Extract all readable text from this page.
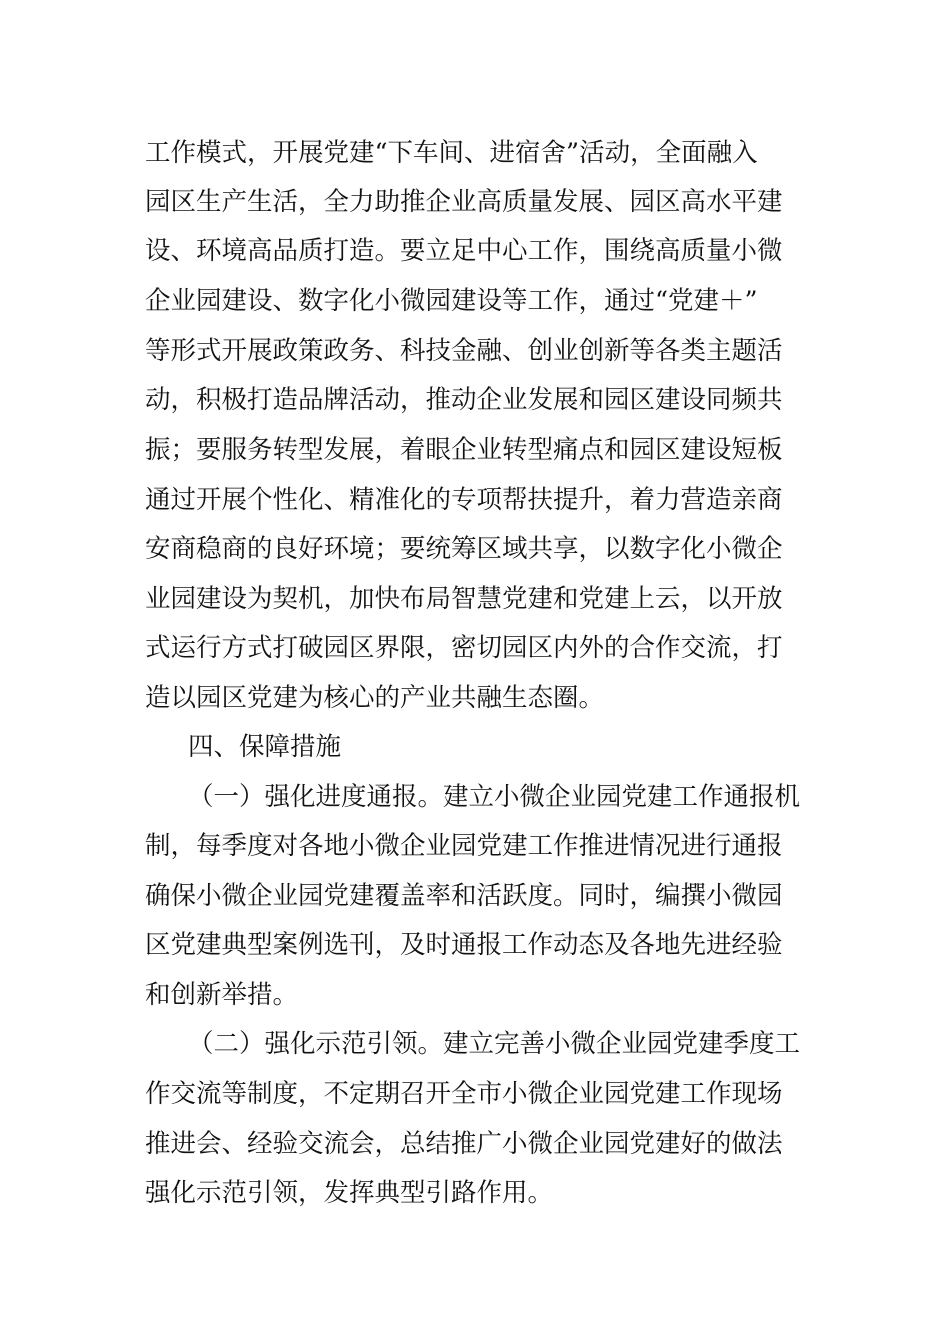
工作模式，开展党建“下车间、进宿舍”活动，全面融入
园区生产生活，全力助推企业高质量发展、园区高水平建
设、环境高品质打造。要立足中心工作，围绕高质量小微
企业园建设、数字化小微园建设等工作，通过“党建＋”
等形式开展政策政务、科技金融、创业创新等各类主题活
动，积极打造品牌活动，推动企业发展和园区建设同频共
振；要服务转型发展，着眼企业转型痛点和园区建设短板
通过开展个性化、精准化的专项帮扶提升，着力营造亲商
安商稳商的良好环境；要统筹区域共享，以数字化小微企
业园建设为契机，加快布局智慧党建和党建上云，以开放
式运行方式打破园区界限，密切园区内外的合作交流，打
造以园区党建为核心的产业共融生态圈。
四、保障措施
（一）强化进度通报。建立小微企业园党建工作通报机
制，每季度对各地小微企业园党建工作推进情况进行通报
确保小微企业园党建覆盖率和活跃度。同时，编撰小微园
区党建典型案例选刊，及时通报工作动态及各地先进经验
和创新举措。
（二）强化示范引领。建立完善小微企业园党建季度工
作交流等制度，不定期召开全市小微企业园党建工作现场
推进会、经验交流会，总结推广小微企业园党建好的做法
强化示范引领，发挥典型引路作用。
